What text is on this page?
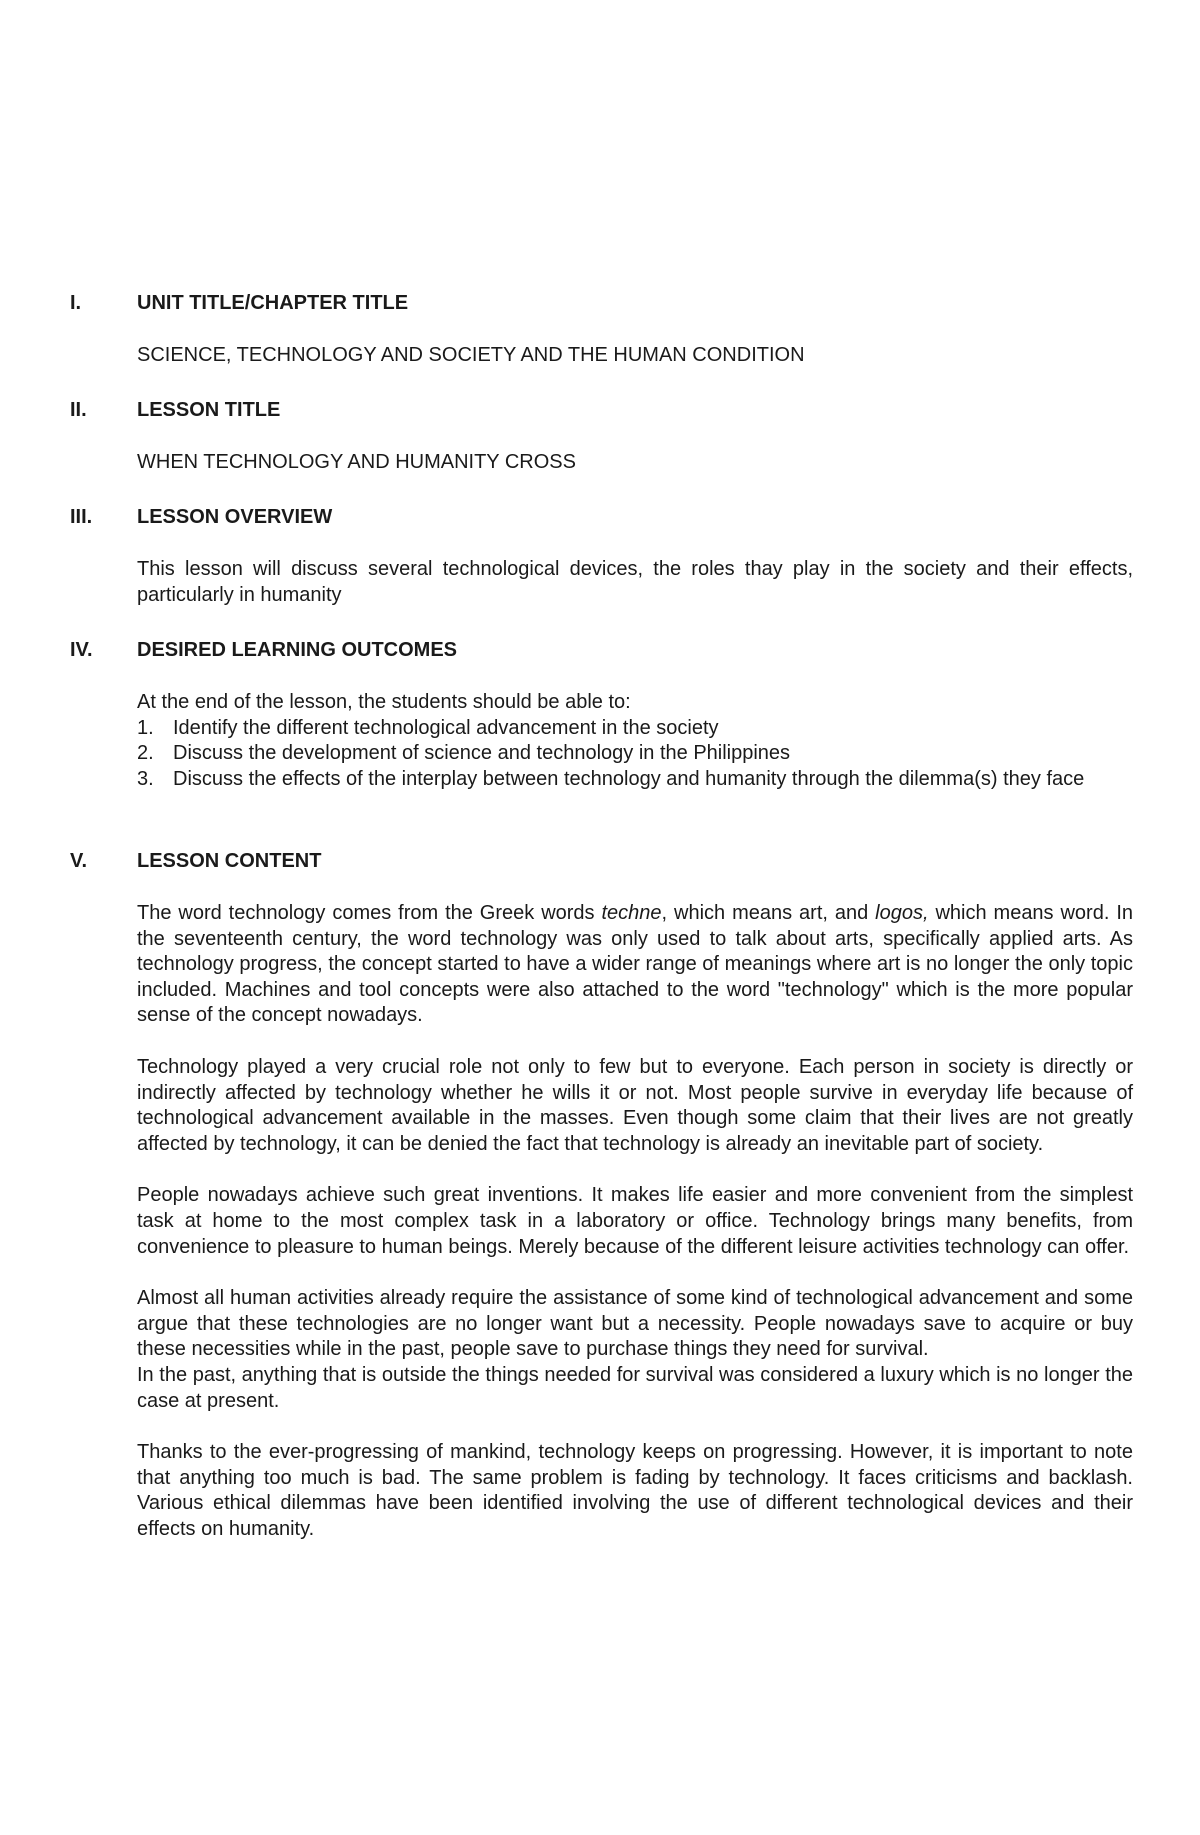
I.	UNIT TITLE/CHAPTER TITLE

SCIENCE, TECHNOLOGY AND SOCIETY AND THE HUMAN CONDITION

II.	LESSON TITLE

WHEN TECHNOLOGY AND HUMANITY CROSS

III.	LESSON OVERVIEW

This lesson will discuss several technological devices, the roles thay play in the society and their effects, particularly in humanity

IV.	DESIRED LEARNING OUTCOMES

At the end of the lesson, the students should be able to:

1. Identify the different technological advancement in the society
2. Discuss the development of science and technology in the Philippines
3. Discuss the effects of the interplay between technology and humanity through the dilemma(s) they face
V.	LESSON CONTENT

The word technology comes from the Greek words techne, which means art, and logos, which means word. In the seventeenth century, the word technology was only used to talk about arts, specifically applied arts. As technology progress, the concept started to have a wider range of meanings where art is no longer the only topic included. Machines and tool concepts were also attached to the word "technology" which is the more popular sense of the concept nowadays.

Technology played a very crucial role not only to few but to everyone. Each person in society is directly or indirectly affected by technology whether he wills it or not. Most people survive in everyday life because of technological advancement available in the masses. Even though some claim that their lives are not greatly affected by technology, it can be denied the fact that technology is already an inevitable part of society.

People nowadays achieve such great inventions. It makes life easier and more convenient from the simplest task at home to the most complex task in a laboratory or office. Technology brings many benefits, from convenience to pleasure to human beings. Merely because of the different leisure activities technology can offer.

Almost all human activities already require the assistance of some kind of technological advancement and some argue that these technologies are no longer want but a necessity. People nowadays save to acquire or buy these necessities while in the past, people save to purchase things they need for survival.

In the past, anything that is outside the things needed for survival was considered a luxury which is no longer the case at present.

Thanks to the ever-progressing of mankind, technology keeps on progressing. However, it is important to note that anything too much is bad. The same problem is fading by technology. It faces criticisms and backlash. Various ethical dilemmas have been identified involving the use of different technological devices and their effects on humanity.
